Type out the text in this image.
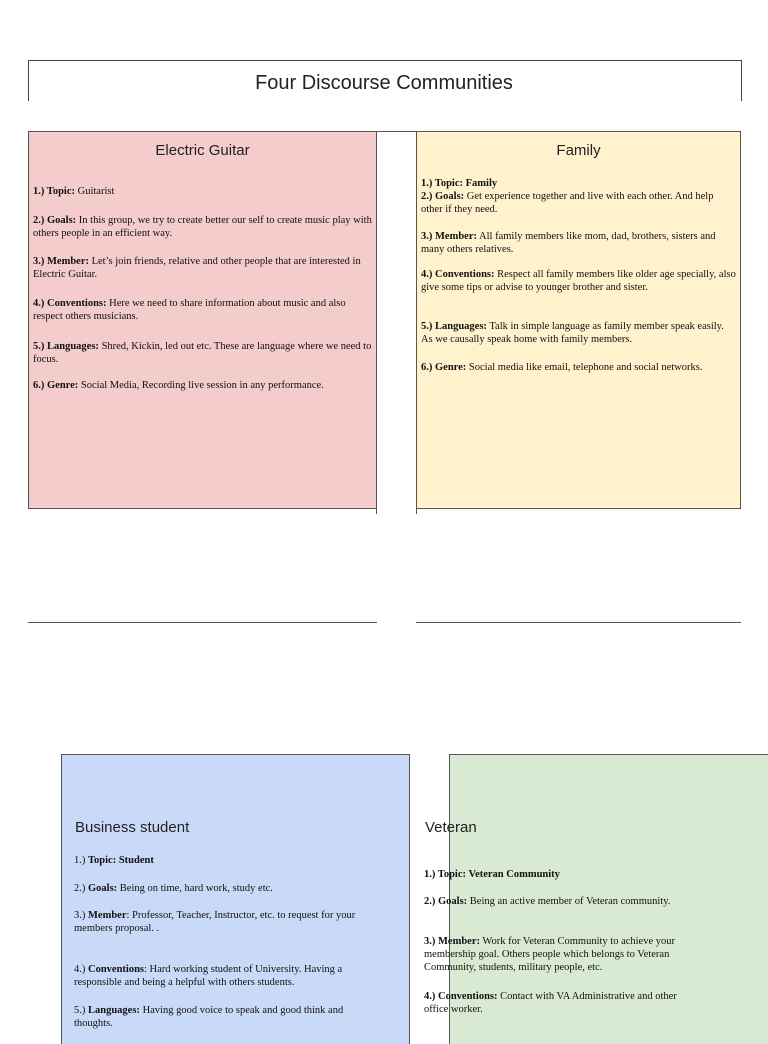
Four Discourse Communities
Electric Guitar
1.) Topic: Guitarist
2.) Goals: In this group, we try to create better our self to create music play with others people in an efficient way.
3.) Member: Let’s join friends, relative and other people that are interested in Electric Guitar.
4.) Conventions: Here we need to share information about music and also respect others musicians.
5.) Languages: Shred, Kickin, led out etc. These are language where we need to focus.
6.) Genre: Social Media, Recording live session in any performance.
Family
1.) Topic: Family
2.) Goals: Get experience together and live with each other. And help other if they need.
3.) Member: All family members like mom, dad, brothers, sisters and many others relatives.
4.) Conventions: Respect all family members like older age specially, also give some tips or advise to younger brother and sister.
5.) Languages: Talk in simple language as family member speak easily. As we causally speak home with family members.
6.) Genre: Social media like email, telephone and social networks.
Business student
1.) Topic: Student
2.) Goals: Being on time, hard work, study etc.
3.) Member: Professor, Teacher, Instructor, etc. to request for your members proposal. .
4.) Conventions: Hard working student of University. Having a responsible and being a helpful with others students.
5.) Languages: Having good voice to speak and good think and thoughts.
Veteran
1.) Topic: Veteran Community
2.) Goals: Being an active member of Veteran community.
3.) Member: Work for Veteran Community to achieve your membership goal. Others people which belongs to Veteran Community, students, military people, etc.
4.) Conventions: Contact with VA Administrative and other office worker.
